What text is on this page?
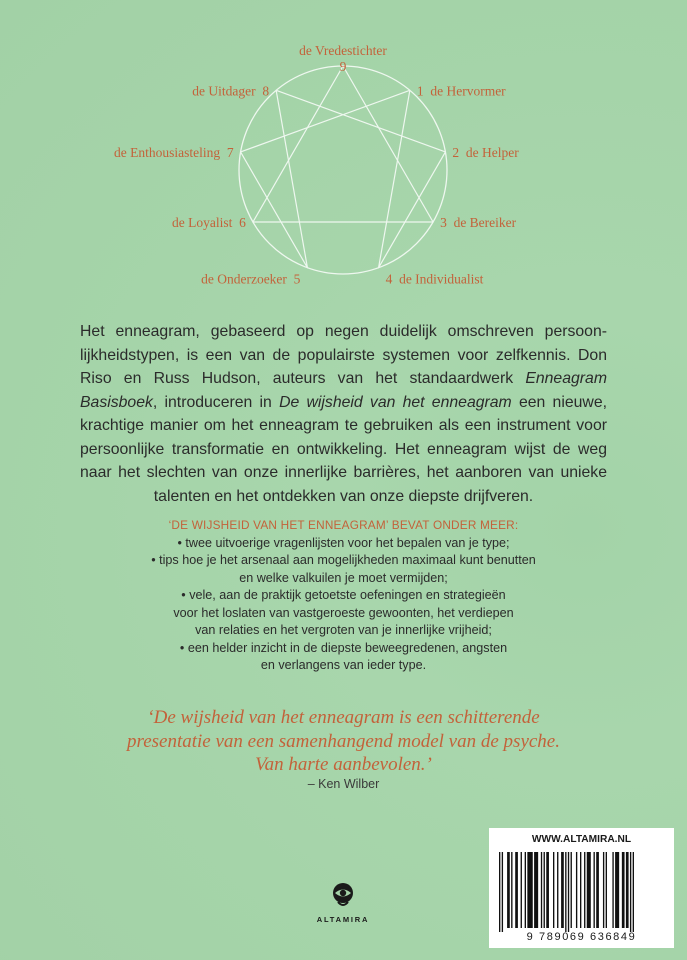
de Vredestichter
9
1  de Hervormer
2  de Helper
3  de Bereiker
4  de Individualist
de Onderzoeker  5
de Loyalist  6
de Enthousiasteling  7
de Uitdager  8
Het enneagram, gebaseerd op negen duidelijk omschreven persoon-lijkheidstypen, is een van de populairste systemen voor zelfkennis. Don Riso en Russ Hudson, auteurs van het standaardwerk Enneagram Basisboek, introduceren in De wijsheid van het enneagram een nieuwe, krachtige manier om het enneagram te gebruiken als een instrument voor persoonlijke transformatie en ontwikkeling. Het enneagram wijst de weg naar het slechten van onze innerlijke barrières, het aanboren van unieke talenten en het ontdekken van onze diepste drijfveren.
‘DE WIJSHEID VAN HET ENNEAGRAM’ BEVAT ONDER MEER:
• twee uitvoerige vragenlijsten voor het bepalen van je type;
• tips hoe je het arsenaal aan mogelijkheden maximaal kunt benutten
en welke valkuilen je moet vermijden;
• vele, aan de praktijk getoetste oefeningen en strategieën
voor het loslaten van vastgeroeste gewoonten, het verdiepen
van relaties en het vergroten van je innerlijke vrijheid;
• een helder inzicht in de diepste beweegredenen, angsten
en verlangens van ieder type.
‘De wijsheid van het enneagram is een schitterende
presentatie van een samenhangend model van de psyche.
Van harte aanbevolen.’
– Ken Wilber
ALTAMIRA
WWW.ALTAMIRA.NL
9 789069 636849
